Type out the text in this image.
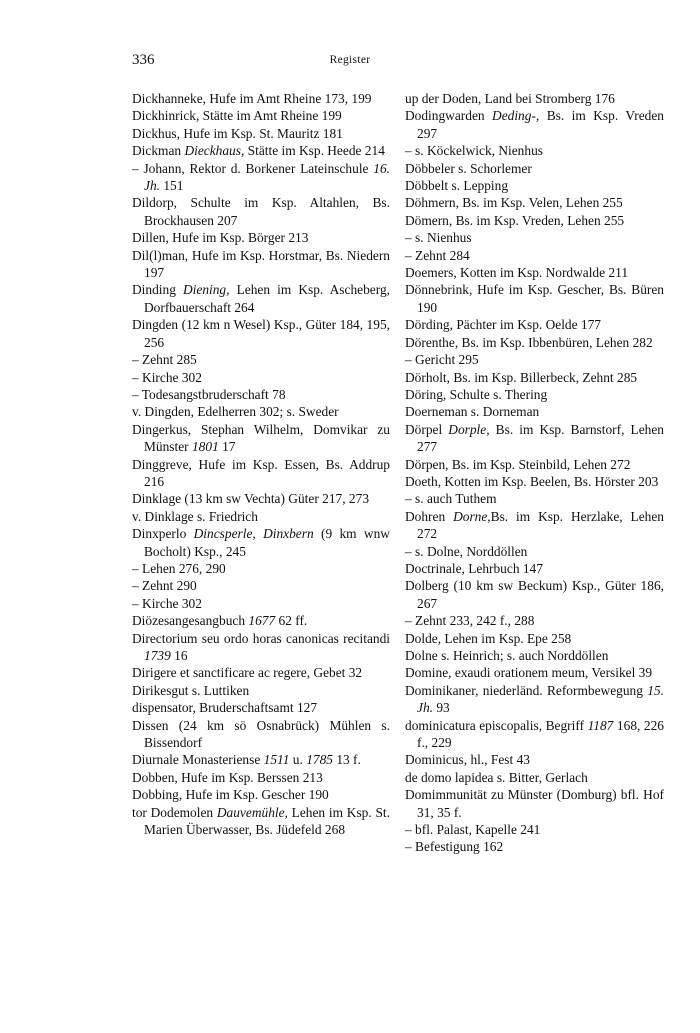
336	Register
Dickhanneke, Hufe im Amt Rheine 173, 199
Dickhinrick, Stätte im Amt Rheine 199
Dickhus, Hufe im Ksp. St. Mauritz 181
Dickman Dieckhaus, Stätte im Ksp. Heede 214
– Johann, Rektor d. Borkener Lateinschule 16. Jh. 151
Dildorp, Schulte im Ksp. Altahlen, Bs. Brockhausen 207
Dillen, Hufe im Ksp. Börger 213
Dil(l)man, Hufe im Ksp. Horstmar, Bs. Niedern 197
Dinding Diening, Lehen im Ksp. Ascheberg, Dorfbauerschaft 264
Dingden (12 km n Wesel) Ksp., Güter 184, 195, 256
– Zehnt 285
– Kirche 302
– Todesangstbruderschaft 78
v. Dingden, Edelherren 302; s. Sweder
Dingerkus, Stephan Wilhelm, Domvikar zu Münster 1801 17
Dinggreve, Hufe im Ksp. Essen, Bs. Addrup 216
Dinklage (13 km sw Vechta) Güter 217, 273
v. Dinklage s. Friedrich
Dinxperlo Dincsperle, Dinxbern (9 km wnw Bocholt) Ksp., 245
– Lehen 276, 290
– Zehnt 290
– Kirche 302
Diözesangesangbuch 1677 62 ff.
Directorium seu ordo horas canonicas recitandi 1739 16
Dirigere et sanctificare ac regere, Gebet 32
Dirikesgut s. Luttiken
dispensator, Bruderschaftsamt 127
Dissen (24 km sö Osnabrück) Mühlen s. Bissendorf
Diurnale Monasteriense 1511 u. 1785 13 f.
Dobben, Hufe im Ksp. Berssen 213
Dobbing, Hufe im Ksp. Gescher 190
tor Dodemolen Dauvemühle, Lehen im Ksp. St. Marien Überwasser, Bs. Jüdefeld 268
up der Doden, Land bei Stromberg 176
Dodingwarden Deding-, Bs. im Ksp. Vreden 297
– s. Köckelwick, Nienhus
Döbbeler s. Schorlemer
Döbbelt s. Lepping
Döhmern, Bs. im Ksp. Velen, Lehen 255
Dömern, Bs. im Ksp. Vreden, Lehen 255
– s. Nienhus
– Zehnt 284
Doemers, Kotten im Ksp. Nordwalde 211
Dönnebrink, Hufe im Ksp. Gescher, Bs. Büren 190
Dörding, Pächter im Ksp. Oelde 177
Dörenthe, Bs. im Ksp. Ibbenbüren, Lehen 282
– Gericht 295
Dörholt, Bs. im Ksp. Billerbeck, Zehnt 285
Döring, Schulte s. Thering
Doerneman s. Dorneman
Dörpel Dorple, Bs. im Ksp. Barnstorf, Lehen 277
Dörpen, Bs. im Ksp. Steinbild, Lehen 272
Doeth, Kotten im Ksp. Beelen, Bs. Hörster 203
– s. auch Tuthem
Dohren Dorne,Bs. im Ksp. Herzlake, Lehen 272
– s. Dolne, Norddöllen
Doctrinale, Lehrbuch 147
Dolberg (10 km sw Beckum) Ksp., Güter 186, 267
– Zehnt 233, 242 f., 288
Dolde, Lehen im Ksp. Epe 258
Dolne s. Heinrich; s. auch Norddöllen
Domine, exaudi orationem meum, Versikel 39
Dominikaner, niederländ. Reformbewegung 15. Jh. 93
dominicatura episcopalis, Begriff 1187 168, 226 f., 229
Dominicus, hl., Fest 43
de domo lapidea s. Bitter, Gerlach
Domimmunität zu Münster (Domburg) bfl. Hof 31, 35 f.
– bfl. Palast, Kapelle 241
– Befestigung 162
